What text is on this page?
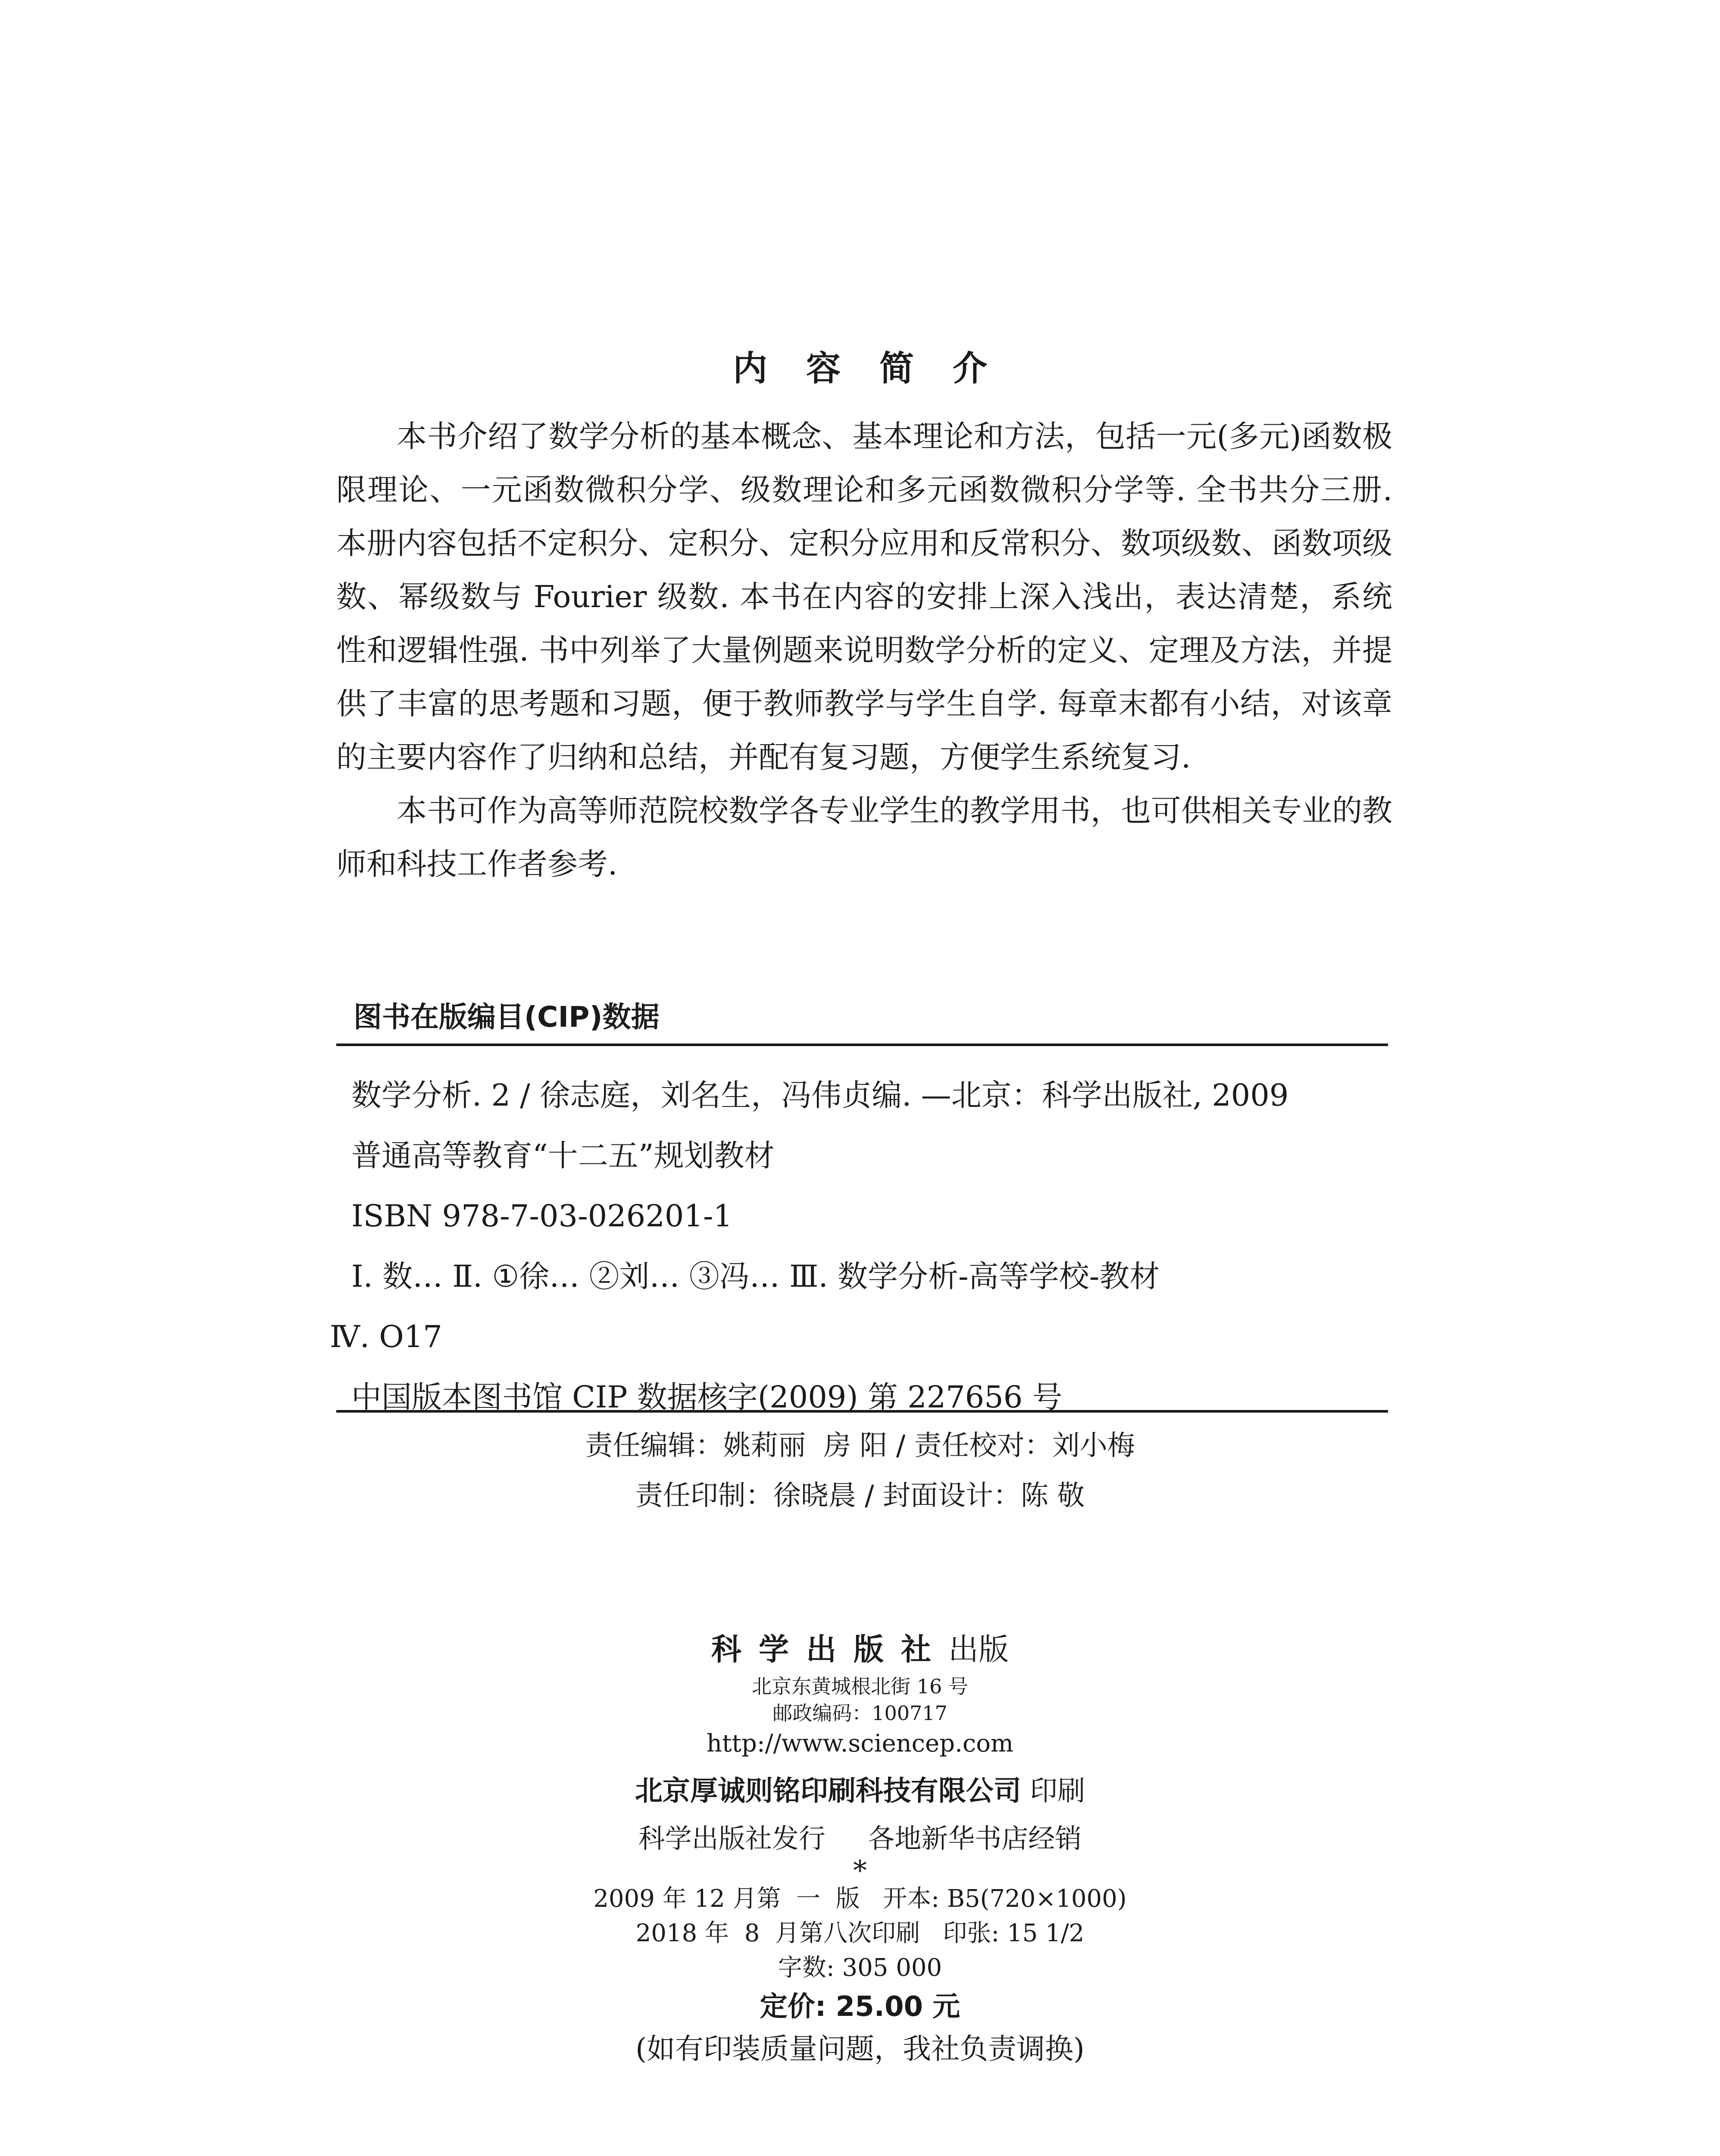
内容简介

本书介绍了数学分析的基本概念、基本理论和方法，包括一元(多元)函数极限理论、一元函数微积分学、级数理论和多元函数微积分学等. 全书共分三册. 本册内容包括不定积分、定积分、定积分应用和反常积分、数项级数、函数项级数、幂级数与 Fourier 级数. 本书在内容的安排上深入浅出，表达清楚，系统性和逻辑性强. 书中列举了大量例题来说明数学分析的定义、定理及方法，并提供了丰富的思考题和习题，便于教师教学与学生自学. 每章末都有小结，对该章的主要内容作了归纳和总结，并配有复习题，方便学生系统复习.

本书可作为高等师范院校数学各专业学生的教学用书，也可供相关专业的教师和科技工作者参考.

图书在版编目(CIP)数据
数学分析. 2 / 徐志庭，刘名生，冯伟贞编. —北京：科学出版社, 2009
普通高等教育“十二五”规划教材
ISBN 978-7-03-026201-1
Ⅰ. 数… Ⅱ. ①徐… ②刘… ③冯… Ⅲ. 数学分析-高等学校-教材
Ⅳ. O17
中国版本图书馆 CIP 数据核字(2009) 第 227656 号
责任编辑：姚莉丽  房 阳 / 责任校对：刘小梅
责任印制：徐晓晨 / 封面设计：陈 敬
科学出版社出版
北京东黄城根北街 16 号
邮政编码：100717
http://www.sciencep.com
北京厚诚则铭印刷科技有限公司 印刷
科学出版社发行     各地新华书店经销
*
2009 年 12 月第  一  版   开本: B5(720×1000)
2018 年  8  月第八次印刷   印张: 15 1/2
字数: 305 000
定价: 25.00 元
(如有印装质量问题，我社负责调换)
